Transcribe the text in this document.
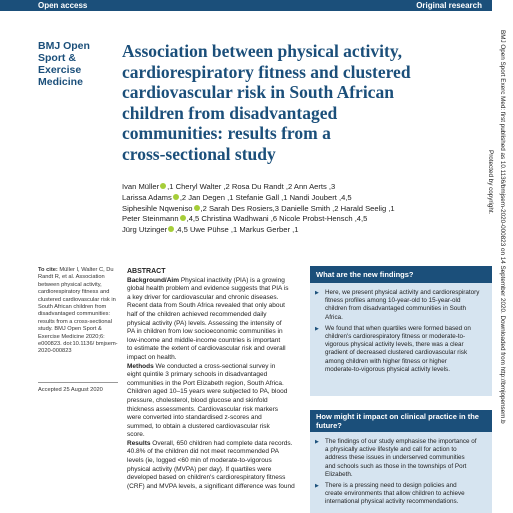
Open access	Original research
BMJ Open
Sport &
Exercise
Medicine
Association between physical activity,
cardiorespiratory fitness and clustered
cardiovascular risk in South African
children from disadvantaged
communities: results from a
cross-sectional study
Ivan Müller ,1 Cheryl Walter ,2 Rosa Du Randt ,2 Ann Aerts ,3
Larissa Adams ,2 Jan Degen ,1 Stefanie Gall ,1 Nandi Joubert ,4,5
Siphesihle Nqweniso ,2 Sarah Des Rosiers,3 Danielle Smith ,2 Harald Seelig ,1
Peter Steinmann ,4,5 Christina Wadhwani ,6 Nicole Probst-Hensch ,4,5
Jürg Utzinger ,4,5 Uwe Pühse ,1 Markus Gerber ,1
To cite: Müller I, Walter C, Du Randt R, et al. Association between physical activity, cardiorespiratory fitness and clustered cardiovascular risk in South African children from disadvantaged communities: results from a cross-sectional study. BMJ Open Sport & Exercise Medicine 2020;6: e000823. doi:10.1136/ bmjsem-2020-000823
Accepted 25 August 2020
ABSTRACT
Background/Aim Physical inactivity (PIA) is a growing
global health problem and evidence suggests that PIA is
a key driver for cardiovascular and chronic diseases.
Recent data from South Africa revealed that only about
half of the children achieved recommended daily
physical activity (PA) levels. Assessing the intensity of
PA in children from low socioeconomic communities in
low-income and middle-income countries is important
to estimate the extent of cardiovascular risk and overall
impact on health.
Methods We conducted a cross-sectional survey in
eight quintile 3 primary schools in disadvantaged
communities in the Port Elizabeth region, South Africa.
Children aged 10–15 years were subjected to PA, blood
pressure, cholesterol, blood glucose and skinfold
thickness assessments. Cardiovascular risk markers
were converted into standardised z-scores and
summed, to obtain a clustered cardiovascular risk
score.
Results Overall, 650 children had complete data records.
40.8% of the children did not meet recommended PA
levels (ie, logged <60 min of moderate-to-vigorous
physical activity (MVPA) per day). If quartiles were
developed based on children's cardiorespiratory fitness
(CRF) and MVPA levels, a significant difference was found
What are the new findings?
▶ Here, we present physical activity and cardiorespiratory
fitness profiles among 10-year-old to 15-year-old
children from disadvantaged communities in South
Africa.
▶ We found that when quartiles were formed based on
children's cardiorespiratory fitness or moderate-to-
vigorous physical activity levels, there was a clear
gradient of decreased clustered cardiovascular risk
among children with higher fitness or higher
moderate-to-vigorous physical activity levels.
How might it impact on clinical practice in the
future?
▶ The findings of our study emphasise the importance of
a physically active lifestyle and call for action to
address these issues in underserved communities
and schools such as those in the townships of Port
Elizabeth.
▶ There is a pressing need to design policies and
create environments that allow children to achieve
international physical activity recommendations.
BMJ Open Sport Exerc Med: first published as 10.1136/bmjsem-2020-000823 on 14 September 2020. Downloaded from http://bmjopensem.b
Protected by copyright.
